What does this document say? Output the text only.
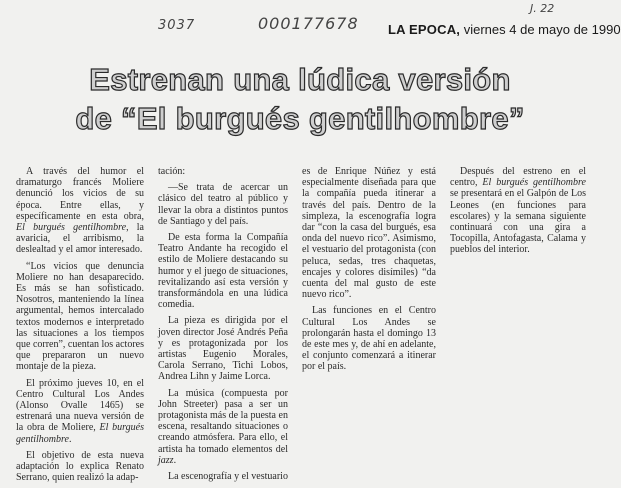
3037	000177678
J. 22
LA EPOCA, viernes 4 de mayo de 1990
Estrenan una lúdica versión
de “El burgués gentilhombre”

A través del humor el dramaturgo francés Moliere denunció los vicios de su época. Entre ellas, y específicamente en esta obra, El burgués gentilhombre, la avaricia, el arribismo, la deslealtad y el amor interesado.

“Los vicios que denuncia Moliere no han desaparecido. Es más se han sofisticado. Nosotros, manteniendo la línea argumental, hemos intercalado textos modernos e interpretado las situaciones a los tiempos que corren”, cuentan los actores que prepararon un nuevo montaje de la pieza.

El próximo jueves 10, en el Centro Cultural Los Andes (Alonso Ovalle 1465) se estrenará una nueva versión de la obra de Moliere, El burgués gentilhombre.

El objetivo de esta nueva adaptación lo explica Renato Serrano, quien realizó la adap-

tación:

—Se trata de acercar un clásico del teatro al público y llevar la obra a distintos puntos de Santiago y del país.

De esta forma la Compañía Teatro Andante ha recogido el estilo de Moliere destacando su humor y el juego de situaciones, revitalizando así esta versión y transformándola en una lúdica comedia.

La pieza es dirigida por el joven director José Andrés Peña y es protagonizada por los artistas Eugenio Morales, Carola Serrano, Tichi Lobos, Andrea Lihn y Jaime Lorca.

La música (compuesta por John Streeter) pasa a ser un protagonista más de la puesta en escena, resaltando situaciones o creando atmósfera. Para ello, el artista ha tomado elementos del jazz.

La escenografía y el vestuario

es de Enrique Núñez y está especialmente diseñada para que la compañía pueda itinerar a través del país. Dentro de la simpleza, la escenografía logra dar “con la casa del burgués, esa onda del nuevo rico”. Asimismo, el vestuario del protagonista (con peluca, sedas, tres chaquetas, encajes y colores disímiles) “da cuenta del mal gusto de este nuevo rico”.

Las funciones en el Centro Cultural Los Andes se prolongarán hasta el domingo 13 de este mes y, de ahí en adelante, el conjunto comenzará a itinerar por el país.

Después del estreno en el centro, El burgués gentilhombre se presentará en el Galpón de Los Leones (en funciones para escolares) y la semana siguiente continuará con una gira a Tocopilla, Antofagasta, Calama y pueblos del interior.
